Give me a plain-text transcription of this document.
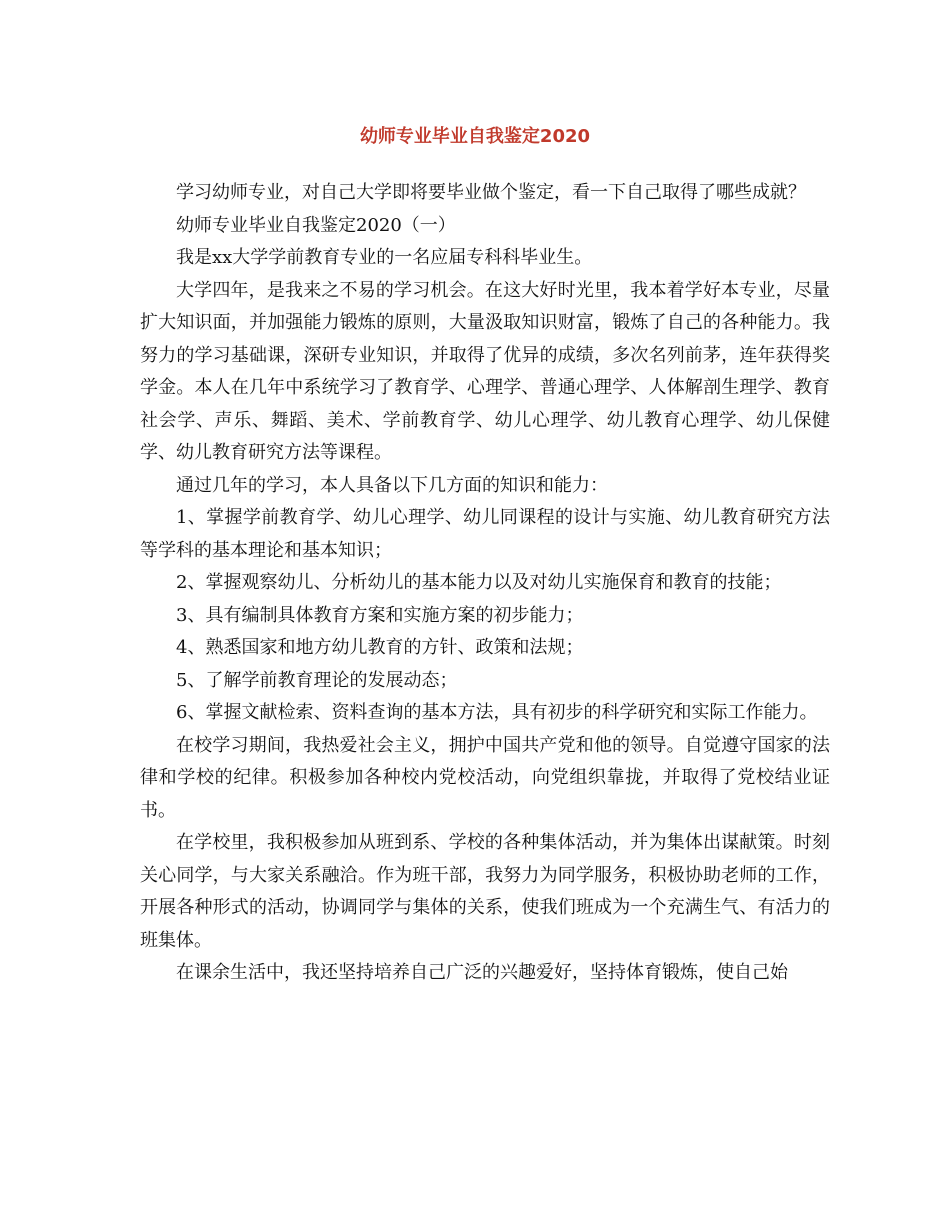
幼师专业毕业自我鉴定2020

学习幼师专业，对自己大学即将要毕业做个鉴定，看一下自己取得了哪些成就？

幼师专业毕业自我鉴定2020（一）

我是xx大学学前教育专业的一名应届专科科毕业生。

大学四年，是我来之不易的学习机会。在这大好时光里，我本着学好本专业，尽量扩大知识面，并加强能力锻炼的原则，大量汲取知识财富，锻炼了自己的各种能力。我努力的学习基础课，深研专业知识，并取得了优异的成绩，多次名列前茅，连年获得奖学金。本人在几年中系统学习了教育学、心理学、普通心理学、人体解剖生理学、教育社会学、声乐、舞蹈、美术、学前教育学、幼儿心理学、幼儿教育心理学、幼儿保健学、幼儿教育研究方法等课程。

通过几年的学习，本人具备以下几方面的知识和能力：

1、掌握学前教育学、幼儿心理学、幼儿同课程的设计与实施、幼儿教育研究方法等学科的基本理论和基本知识；

2、掌握观察幼儿、分析幼儿的基本能力以及对幼儿实施保育和教育的技能；

3、具有编制具体教育方案和实施方案的初步能力；

4、熟悉国家和地方幼儿教育的方针、政策和法规；

5、了解学前教育理论的发展动态；

6、掌握文献检索、资料查询的基本方法，具有初步的科学研究和实际工作能力。

在校学习期间，我热爱社会主义，拥护中国共产党和他的领导。自觉遵守国家的法律和学校的纪律。积极参加各种校内党校活动，向党组织靠拢，并取得了党校结业证书。

在学校里，我积极参加从班到系、学校的各种集体活动，并为集体出谋献策。时刻关心同学，与大家关系融洽。作为班干部，我努力为同学服务，积极协助老师的工作，开展各种形式的活动，协调同学与集体的关系，使我们班成为一个充满生气、有活力的班集体。

在课余生活中，我还坚持培养自己广泛的兴趣爱好，坚持体育锻炼，使自己始
